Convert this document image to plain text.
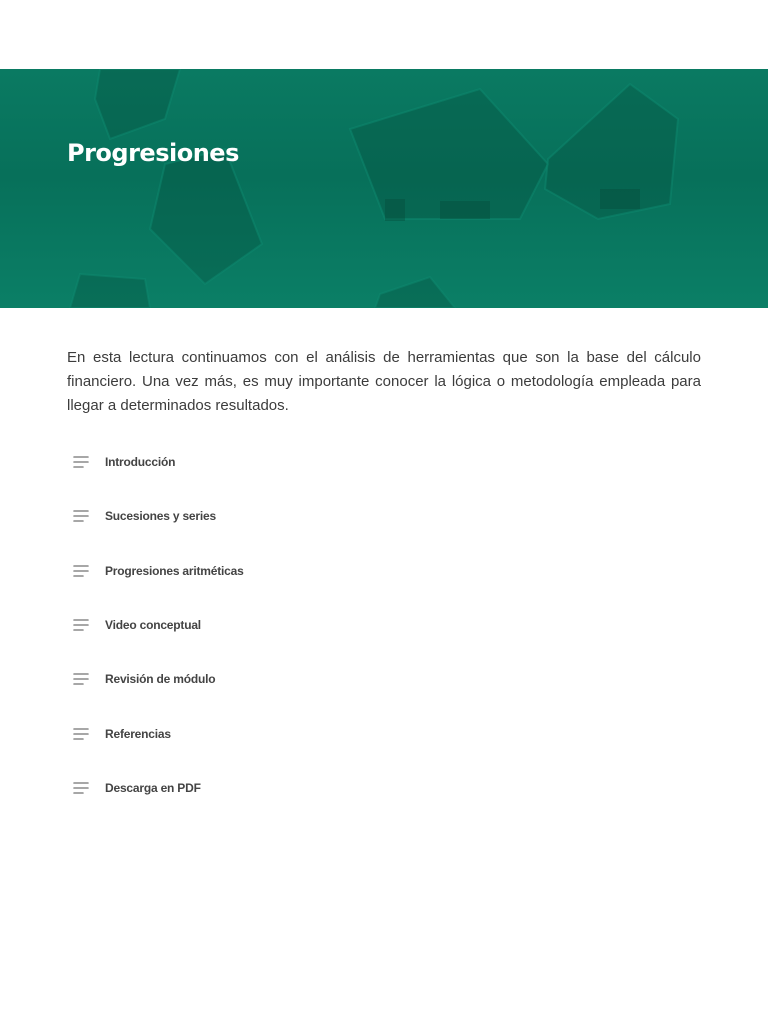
Progresiones

En esta lectura continuamos con el análisis de herramientas que son la base del cálculo financiero. Una vez más, es muy importante conocer la lógica o metodología empleada para llegar a determinados resultados.

Introducción
Sucesiones y series
Progresiones aritméticas
Video conceptual
Revisión de módulo
Referencias
Descarga en PDF
